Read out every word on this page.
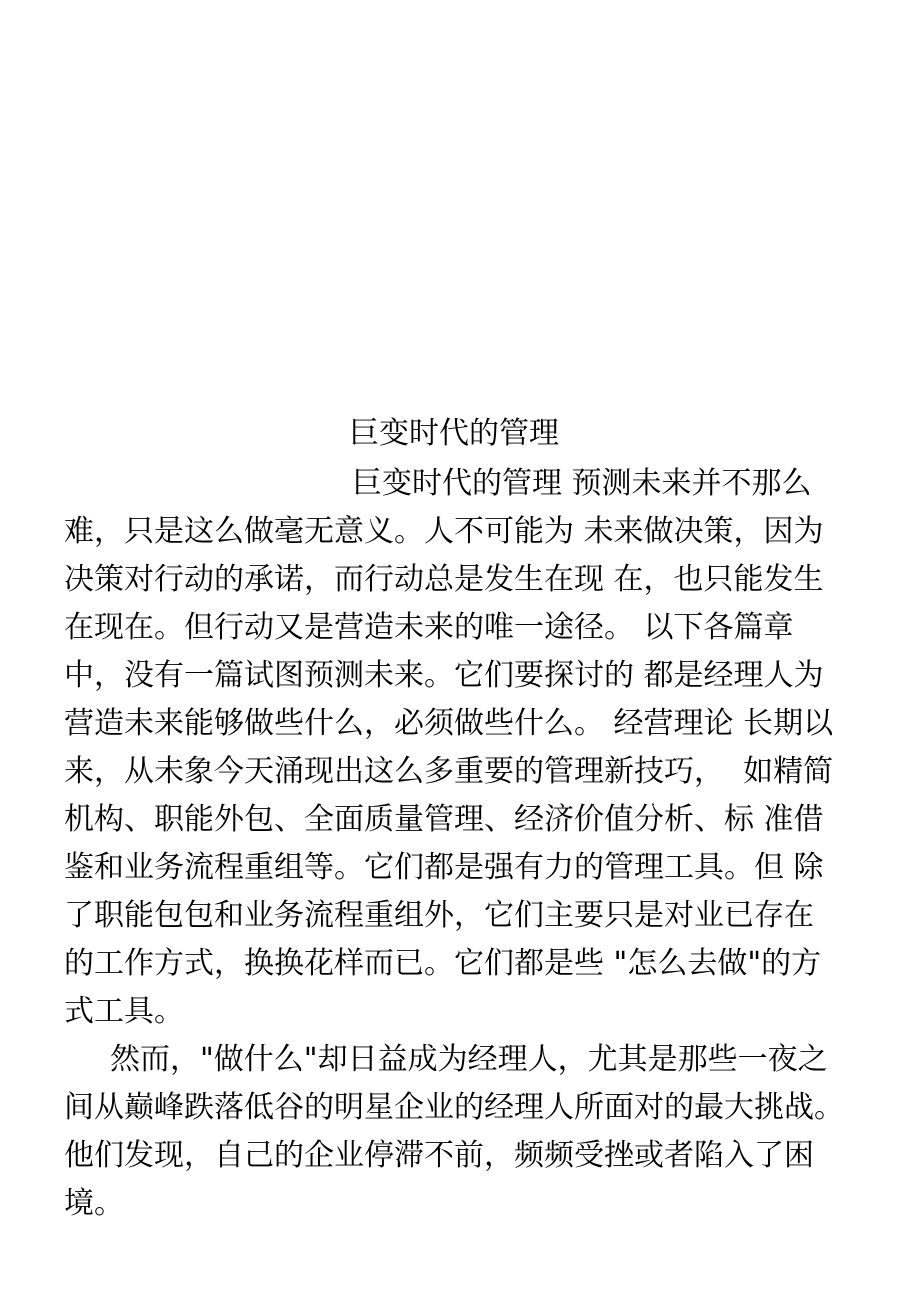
巨变时代的管理
巨变时代的管理 预测未来并不那么
难，只是这么做毫无意义。人不可能为 未来做决策，因为
决策对行动的承诺，而行动总是发生在现 在，也只能发生
在现在。但行动又是营造未来的唯一途径。 以下各篇章
中，没有一篇试图预测未来。它们要探讨的 都是经理人为
营造未来能够做些什么，必须做些什么。 经营理论 长期以
来，从未象今天涌现出这么多重要的管理新技巧，  如精简
机构、职能外包、全面质量管理、经济价值分析、标 准借
鉴和业务流程重组等。它们都是强有力的管理工具。但 除
了职能包包和业务流程重组外，它们主要只是对业已存在
的工作方式，换换花样而已。它们都是些 "怎么去做"的方
式工具。
然而，"做什么"却日益成为经理人，尤其是那些一夜之
间从巅峰跌落低谷的明星企业的经理人所面对的最大挑战。
他们发现，自己的企业停滞不前，频频受挫或者陷入了困
境。
